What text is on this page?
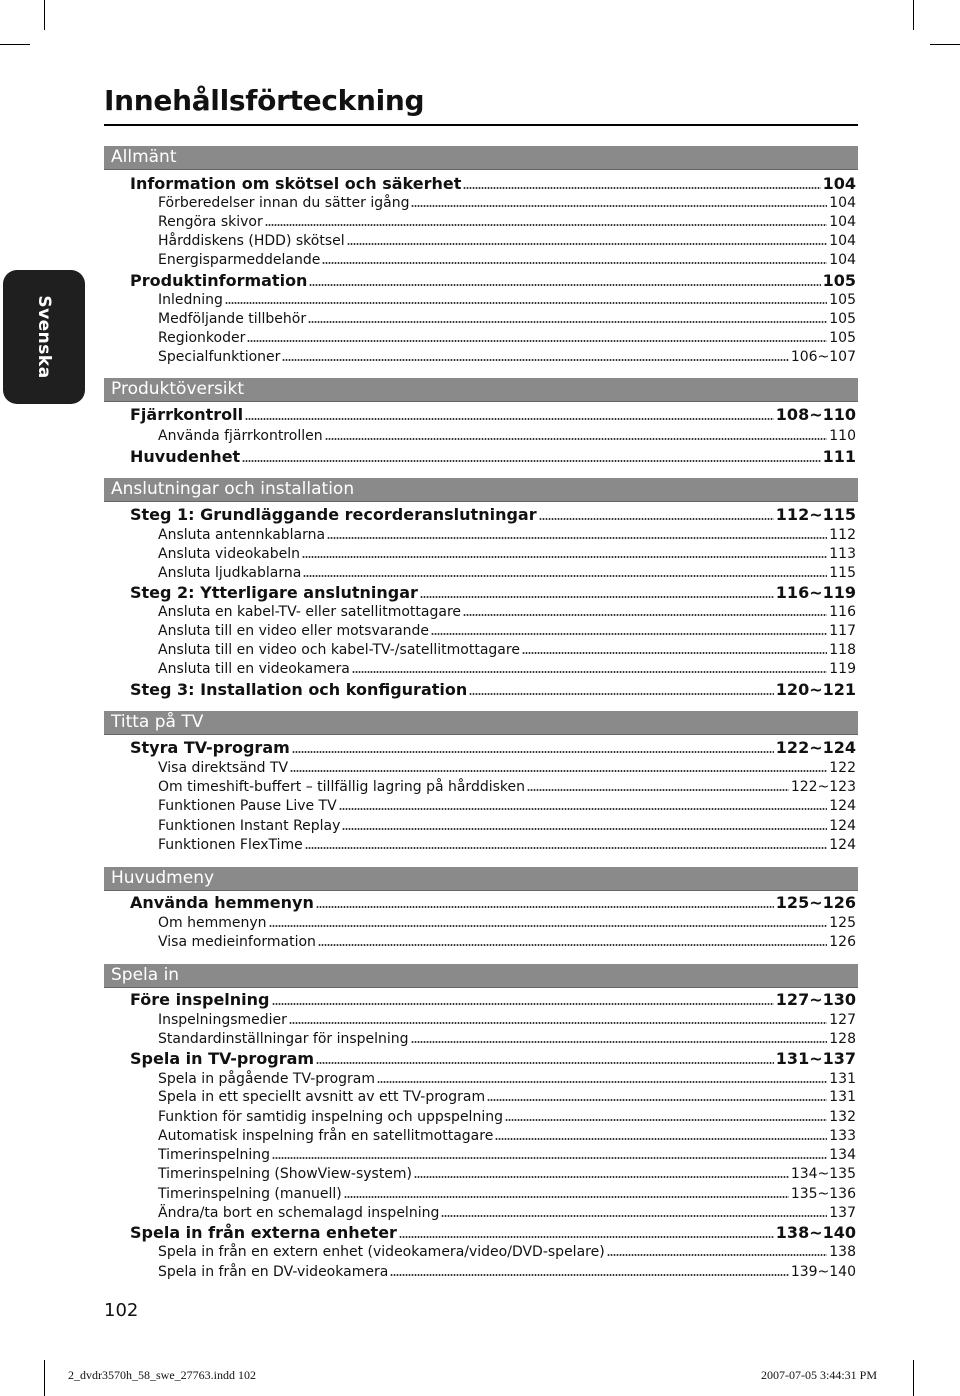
Innehållsförteckning
Svenska
Allmänt
Information om skötsel och säkerhet	104
Förberedelser innan du sätter igång	104
Rengöra skivor	104
Hårddiskens (HDD) skötsel	104
Energisparmeddelande	104
Produktinformation	105
Inledning	105
Medföljande tillbehör	105
Regionkoder	105
Specialfunktioner	106~107
Produktöversikt
Fjärrkontroll	108~110
Använda fjärrkontrollen	110
Huvudenhet	111
Anslutningar och installation
Steg 1: Grundläggande recorderanslutningar	112~115
Ansluta antennkablarna	112
Ansluta videokabeln	113
Ansluta ljudkablarna	115
Steg 2: Ytterligare anslutningar	116~119
Ansluta en kabel-TV- eller satellitmottagare	116
Ansluta till en video eller motsvarande	117
Ansluta till en video och kabel-TV-/satellitmottagare	118
Ansluta till en videokamera	119
Steg 3: Installation och konfiguration	120~121
Titta på TV
Styra TV-program	122~124
Visa direktsänd TV	122
Om timeshift-buffert – tillfällig lagring på hårddisken	122~123
Funktionen Pause Live TV	124
Funktionen Instant Replay	124
Funktionen FlexTime	124
Huvudmeny
Använda hemmenyn	125~126
Om hemmenyn	125
Visa medieinformation	126
Spela in
Före inspelning	127~130
Inspelningsmedier	127
Standardinställningar för inspelning	128
Spela in TV-program	131~137
Spela in pågående TV-program	131
Spela in ett speciellt avsnitt av ett TV-program	131
Funktion för samtidig inspelning och uppspelning	132
Automatisk inspelning från en satellitmottagare	133
Timerinspelning	134
Timerinspelning (ShowView-system)	134~135
Timerinspelning (manuell)	135~136
Ändra/ta bort en schemalagd inspelning	137
Spela in från externa enheter	138~140
Spela in från en extern enhet (videokamera/video/DVD-spelare)	138
Spela in från en DV-videokamera	139~140
102
2_dvdr3570h_58_swe_27763.indd 102	2007-07-05 3:44:31 PM
